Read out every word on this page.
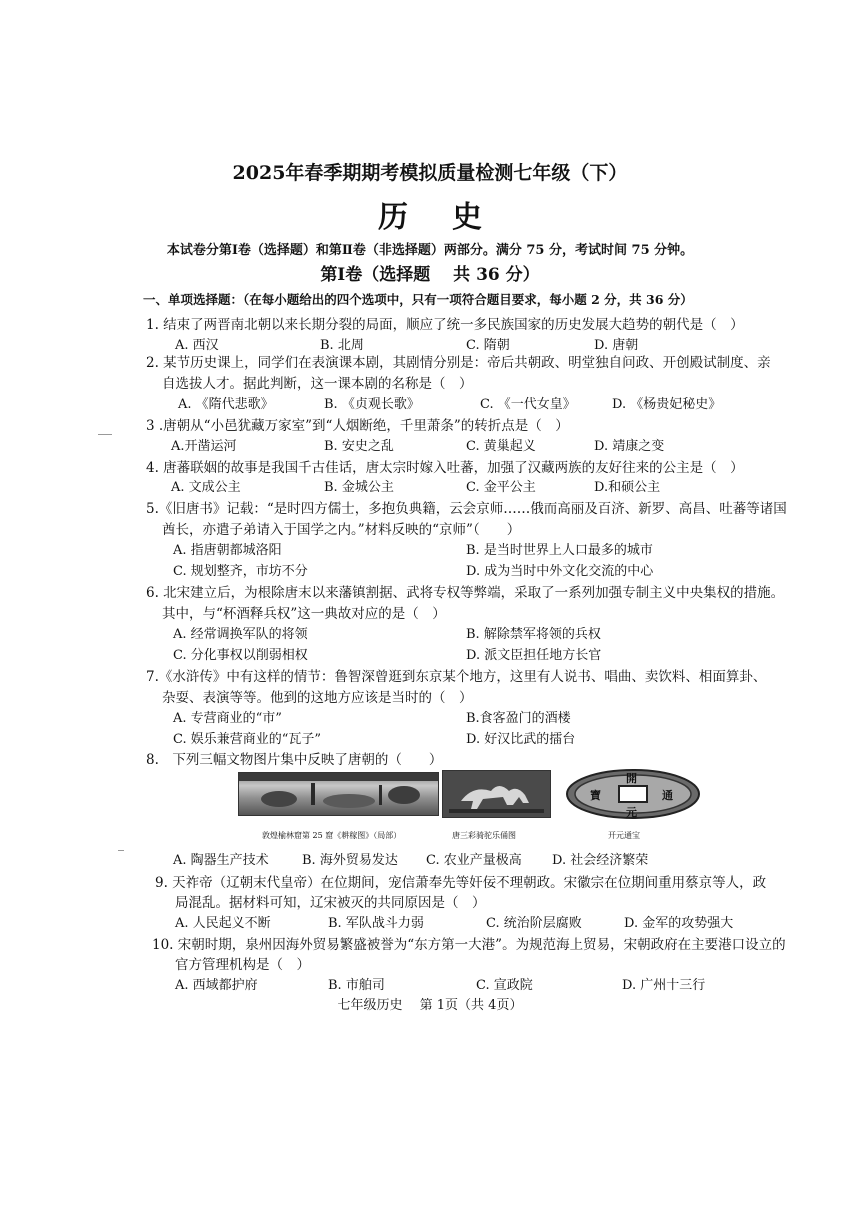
2025年春季期期考模拟质量检测七年级（下）
历史
本试卷分第Ⅰ卷（选择题）和第Ⅱ卷（非选择题）两部分。满分 75 分，考试时间 75 分钟。
第Ⅰ卷（选择题　 共 36 分）
一、单项选择题：（在每小题给出的四个选项中，只有一项符合题目要求，每小题 2 分，共 36 分）
1. 结束了两晋南北朝以来长期分裂的局面，顺应了统一多民族国家的历史发展大趋势的朝代是（　）
A. 西汉	B. 北周	C. 隋朝	D. 唐朝
2. 某节历史课上，同学们在表演课本剧，其剧情分别是：帝后共朝政、明堂独自问政、开创殿试制度、亲
自选拔人才。据此判断，这一课本剧的名称是（　）
A. 《隋代悲歌》	B. 《贞观长歌》	C. 《一代女皇》	D. 《杨贵妃秘史》
3 .唐朝从“小邑犹藏万家室”到“人烟断绝，千里萧条”的转折点是（　）
A.开凿运河	B. 安史之乱	C. 黄巢起义	D. 靖康之变
4. 唐蕃联姻的故事是我国千古佳话，唐太宗时嫁入吐蕃，加强了汉藏两族的友好往来的公主是（　）
A. 文成公主	B. 金城公主	C. 金平公主	D.和硕公主
5.《旧唐书》记载：“是时四方儒士，多抱负典籍，云会京师……俄而高丽及百济、新罗、高昌、吐蕃等诸国
酋长，亦遣子弟请入于国学之内。”材料反映的“京师”（　　）
A. 指唐朝都城洛阳	B. 是当时世界上人口最多的城市
C. 规划整齐，市坊不分	D. 成为当时中外文化交流的中心
6. 北宋建立后，为根除唐末以来藩镇割据、武将专权等弊端，采取了一系列加强专制主义中央集权的措施。
其中，与“杯酒释兵权”这一典故对应的是（　）
A. 经常调换军队的将领	B. 解除禁军将领的兵权
C. 分化事权以削弱相权	D. 派文臣担任地方长官
7.《水浒传》中有这样的情节：鲁智深曾逛到东京某个地方，这里有人说书、唱曲、卖饮料、相面算卦、
杂耍、表演等等。他到的这地方应该是当时的（　）
A. 专营商业的“市”	B.食客盈门的酒楼
C. 娱乐兼营商业的“瓦子”	D. 好汉比武的擂台
8.　下列三幅文物图片集中反映了唐朝的（　　）
敦煌榆林窟第 25 窟《耕稼图》（局部）	唐三彩骑驼乐俑图
開
元
通
寶
开元通宝
A. 陶器生产技术	B. 海外贸易发达 C. 农业产量极高 D. 社会经济繁荣
9. 天祚帝（辽朝末代皇帝）在位期间，宠信萧奉先等奸佞不理朝政。宋徽宗在位期间重用蔡京等人，政
局混乱。据材料可知，辽宋被灭的共同原因是（　）
A. 人民起义不断	B. 军队战斗力弱	C. 统治阶层腐败	D. 金军的攻势强大
10. 宋朝时期，泉州因海外贸易繁盛被誉为“东方第一大港”。为规范海上贸易，宋朝政府在主要港口设立的
官方管理机构是（　）
A. 西域都护府	B. 市舶司	C. 宣政院	D. 广州十三行
七年级历史　 第 1页（共 4页）
